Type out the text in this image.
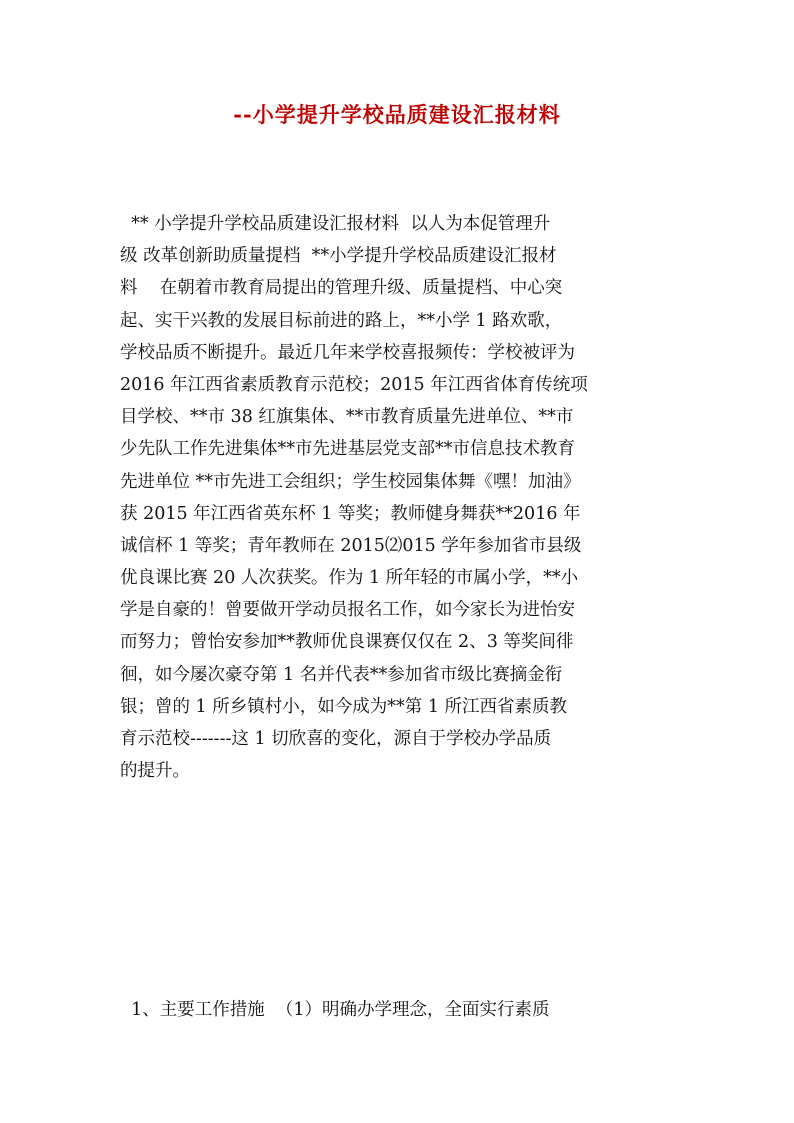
--小学提升学校品质建设汇报材料
** 小学提升学校品质建设汇报材料  以人为本促管理升
级 改革创新助质量提档  **小学提升学校品质建设汇报材
料    在朝着市教育局提出的管理升级、质量提档、中心突
起、实干兴教的发展目标前进的路上，**小学 1 路欢歌，
学校品质不断提升。最近几年来学校喜报频传：学校被评为
2016 年江西省素质教育示范校；2015 年江西省体育传统项
目学校、**市 38 红旗集体、**市教育质量先进单位、**市
少先队工作先进集体**市先进基层党支部**市信息技术教育
先进单位 **市先进工会组织；学生校园集体舞《嘿！加油》
获 2015 年江西省英东杯 1 等奖；教师健身舞获**2016 年
诚信杯 1 等奖；青年教师在 2015⑵015 学年参加省市县级
优良课比赛 20 人次获奖。作为 1 所年轻的市属小学，**小
学是自豪的！曾要做开学动员报名工作，如今家长为进怡安
而努力；曾怡安参加**教师优良课赛仅仅在 2、3 等奖间徘
徊，如今屡次豪夺第 1 名并代表**参加省市级比赛摘金衔
银；曾的 1 所乡镇村小，如今成为**第 1 所江西省素质教
育示范校-------这 1 切欣喜的变化，源自于学校办学品质
的提升。

1、主要工作措施  （1）明确办学理念，全面实行素质
